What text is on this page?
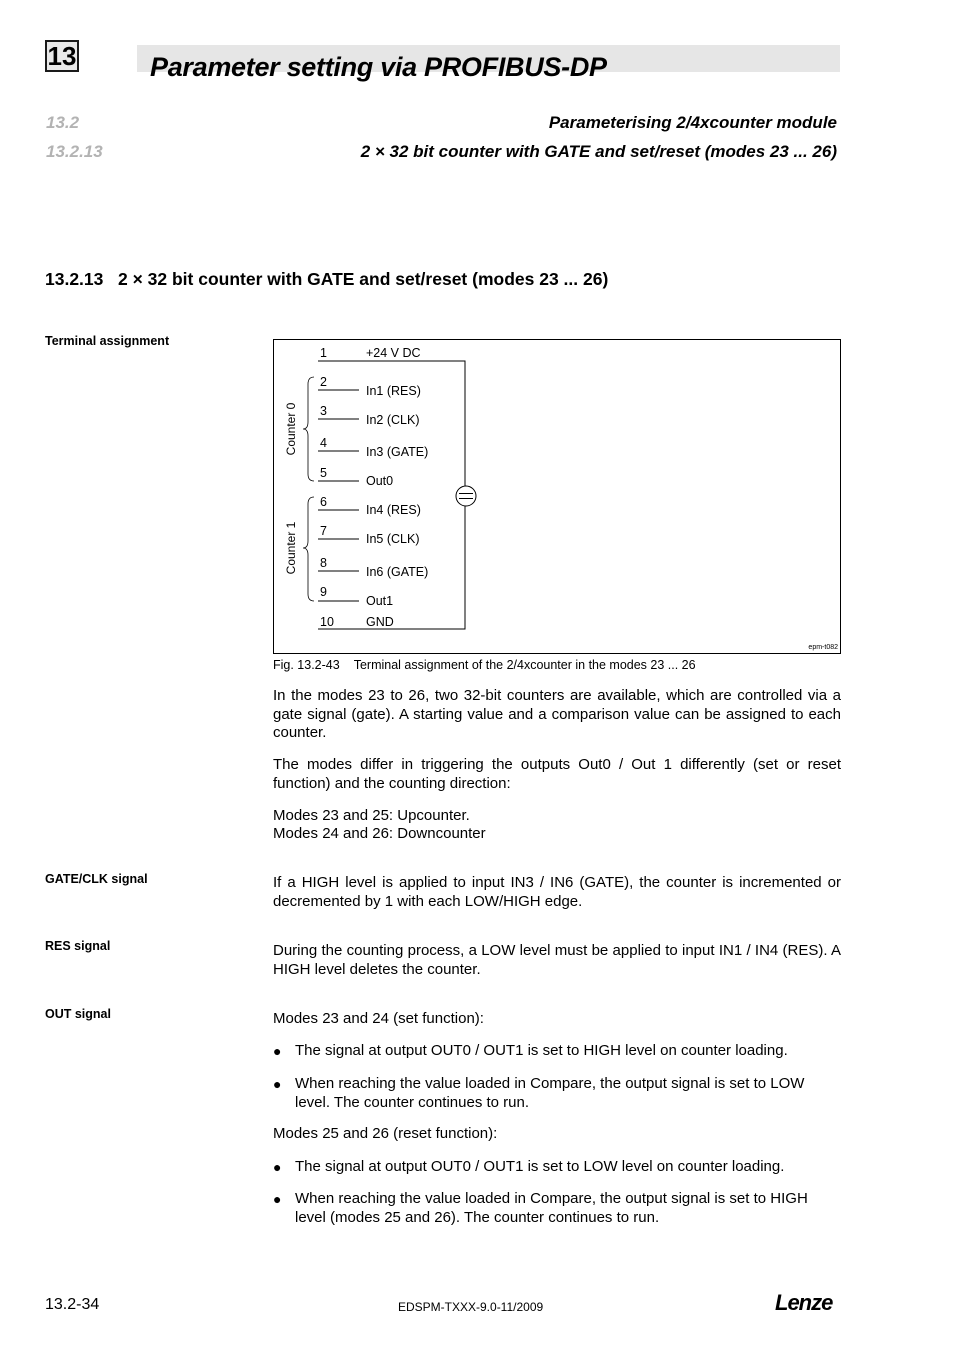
13	Parameter setting via PROFIBUS-DP
13.2	Parameterising 2/4xcounter module
13.2.13	2 × 32 bit counter with GATE and set/reset (modes 23 ... 26)
13.2.13 2 × 32 bit counter with GATE and set/reset (modes 23 ... 26)
Terminal assignment
GATE/CLK signal
RES signal
OUT signal
Counter 0
Counter 1
1	+24 V DC
2
In1 (RES)
3
In2 (CLK)
4
In3 (GATE)
5
Out0
6
In4 (RES)
7
In5 (CLK)
8
In6 (GATE)
9
Out1
10	GND
epm-t082
Fig. 13.2-43 Terminal assignment of the 2/4xcounter in the modes 23 ... 26
In the modes 23 to 26, two 32-bit counters are available, which are controlled via a gate signal (gate). A starting value and a comparison value can be assigned to each counter.
The modes differ in triggering the outputs Out0 / Out 1 differently (set or reset function) and the counting direction:
Modes 23 and 25: Upcounter.
Modes 24 and 26: Downcounter
If a HIGH level is applied to input IN3 / IN6 (GATE), the counter is incremented or decremented by 1 with each LOW/HIGH edge.
During the counting process, a LOW level must be applied to input IN1 / IN4 (RES). A HIGH level deletes the counter.
Modes 23 and 24 (set function):
● The signal at output OUT0 / OUT1 is set to HIGH level on counter loading.
● When reaching the value loaded in Compare, the output signal is set to LOW level. The counter continues to run.
Modes 25 and 26 (reset function):
● The signal at output OUT0 / OUT1 is set to LOW level on counter loading.
● When reaching the value loaded in Compare, the output signal is set to HIGH level (modes 25 and 26). The counter continues to run.
13.2-34	EDSPM-TXXX-9.0-11/2009	Lenze
